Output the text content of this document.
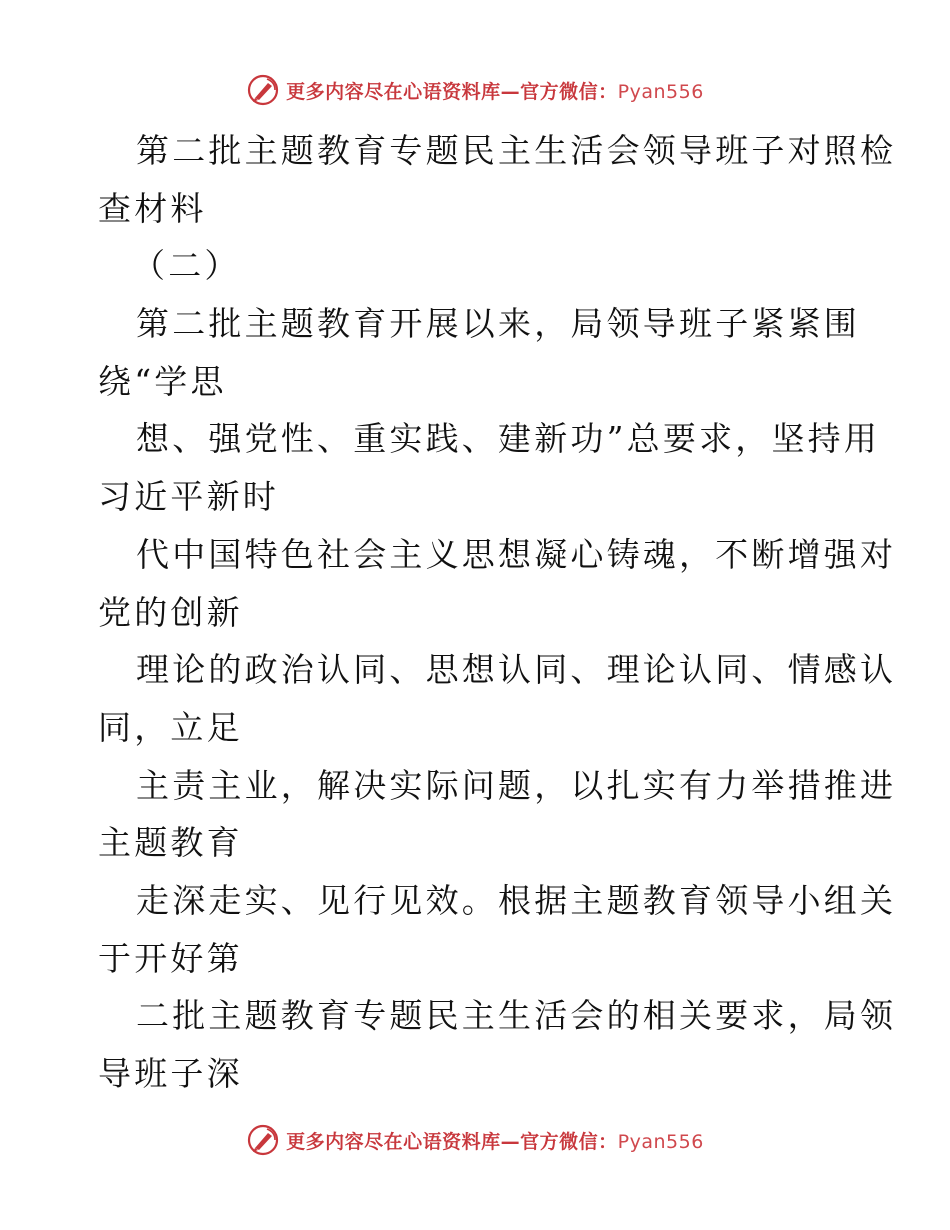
更多内容尽在心语资料库—官方微信：Pyan556
第二批主题教育专题民主生活会领导班子对照检
查材料
（二）
第二批主题教育开展以来，局领导班子紧紧围
绕“学思
想、强党性、重实践、建新功”总要求，坚持用
习近平新时
代中国特色社会主义思想凝心铸魂，不断增强对
党的创新
理论的政治认同、思想认同、理论认同、情感认
同，立足
主责主业，解决实际问题，以扎实有力举措推进
主题教育
走深走实、见行见效。根据主题教育领导小组关
于开好第
二批主题教育专题民主生活会的相关要求，局领
导班子深
更多内容尽在心语资料库—官方微信：Pyan556
